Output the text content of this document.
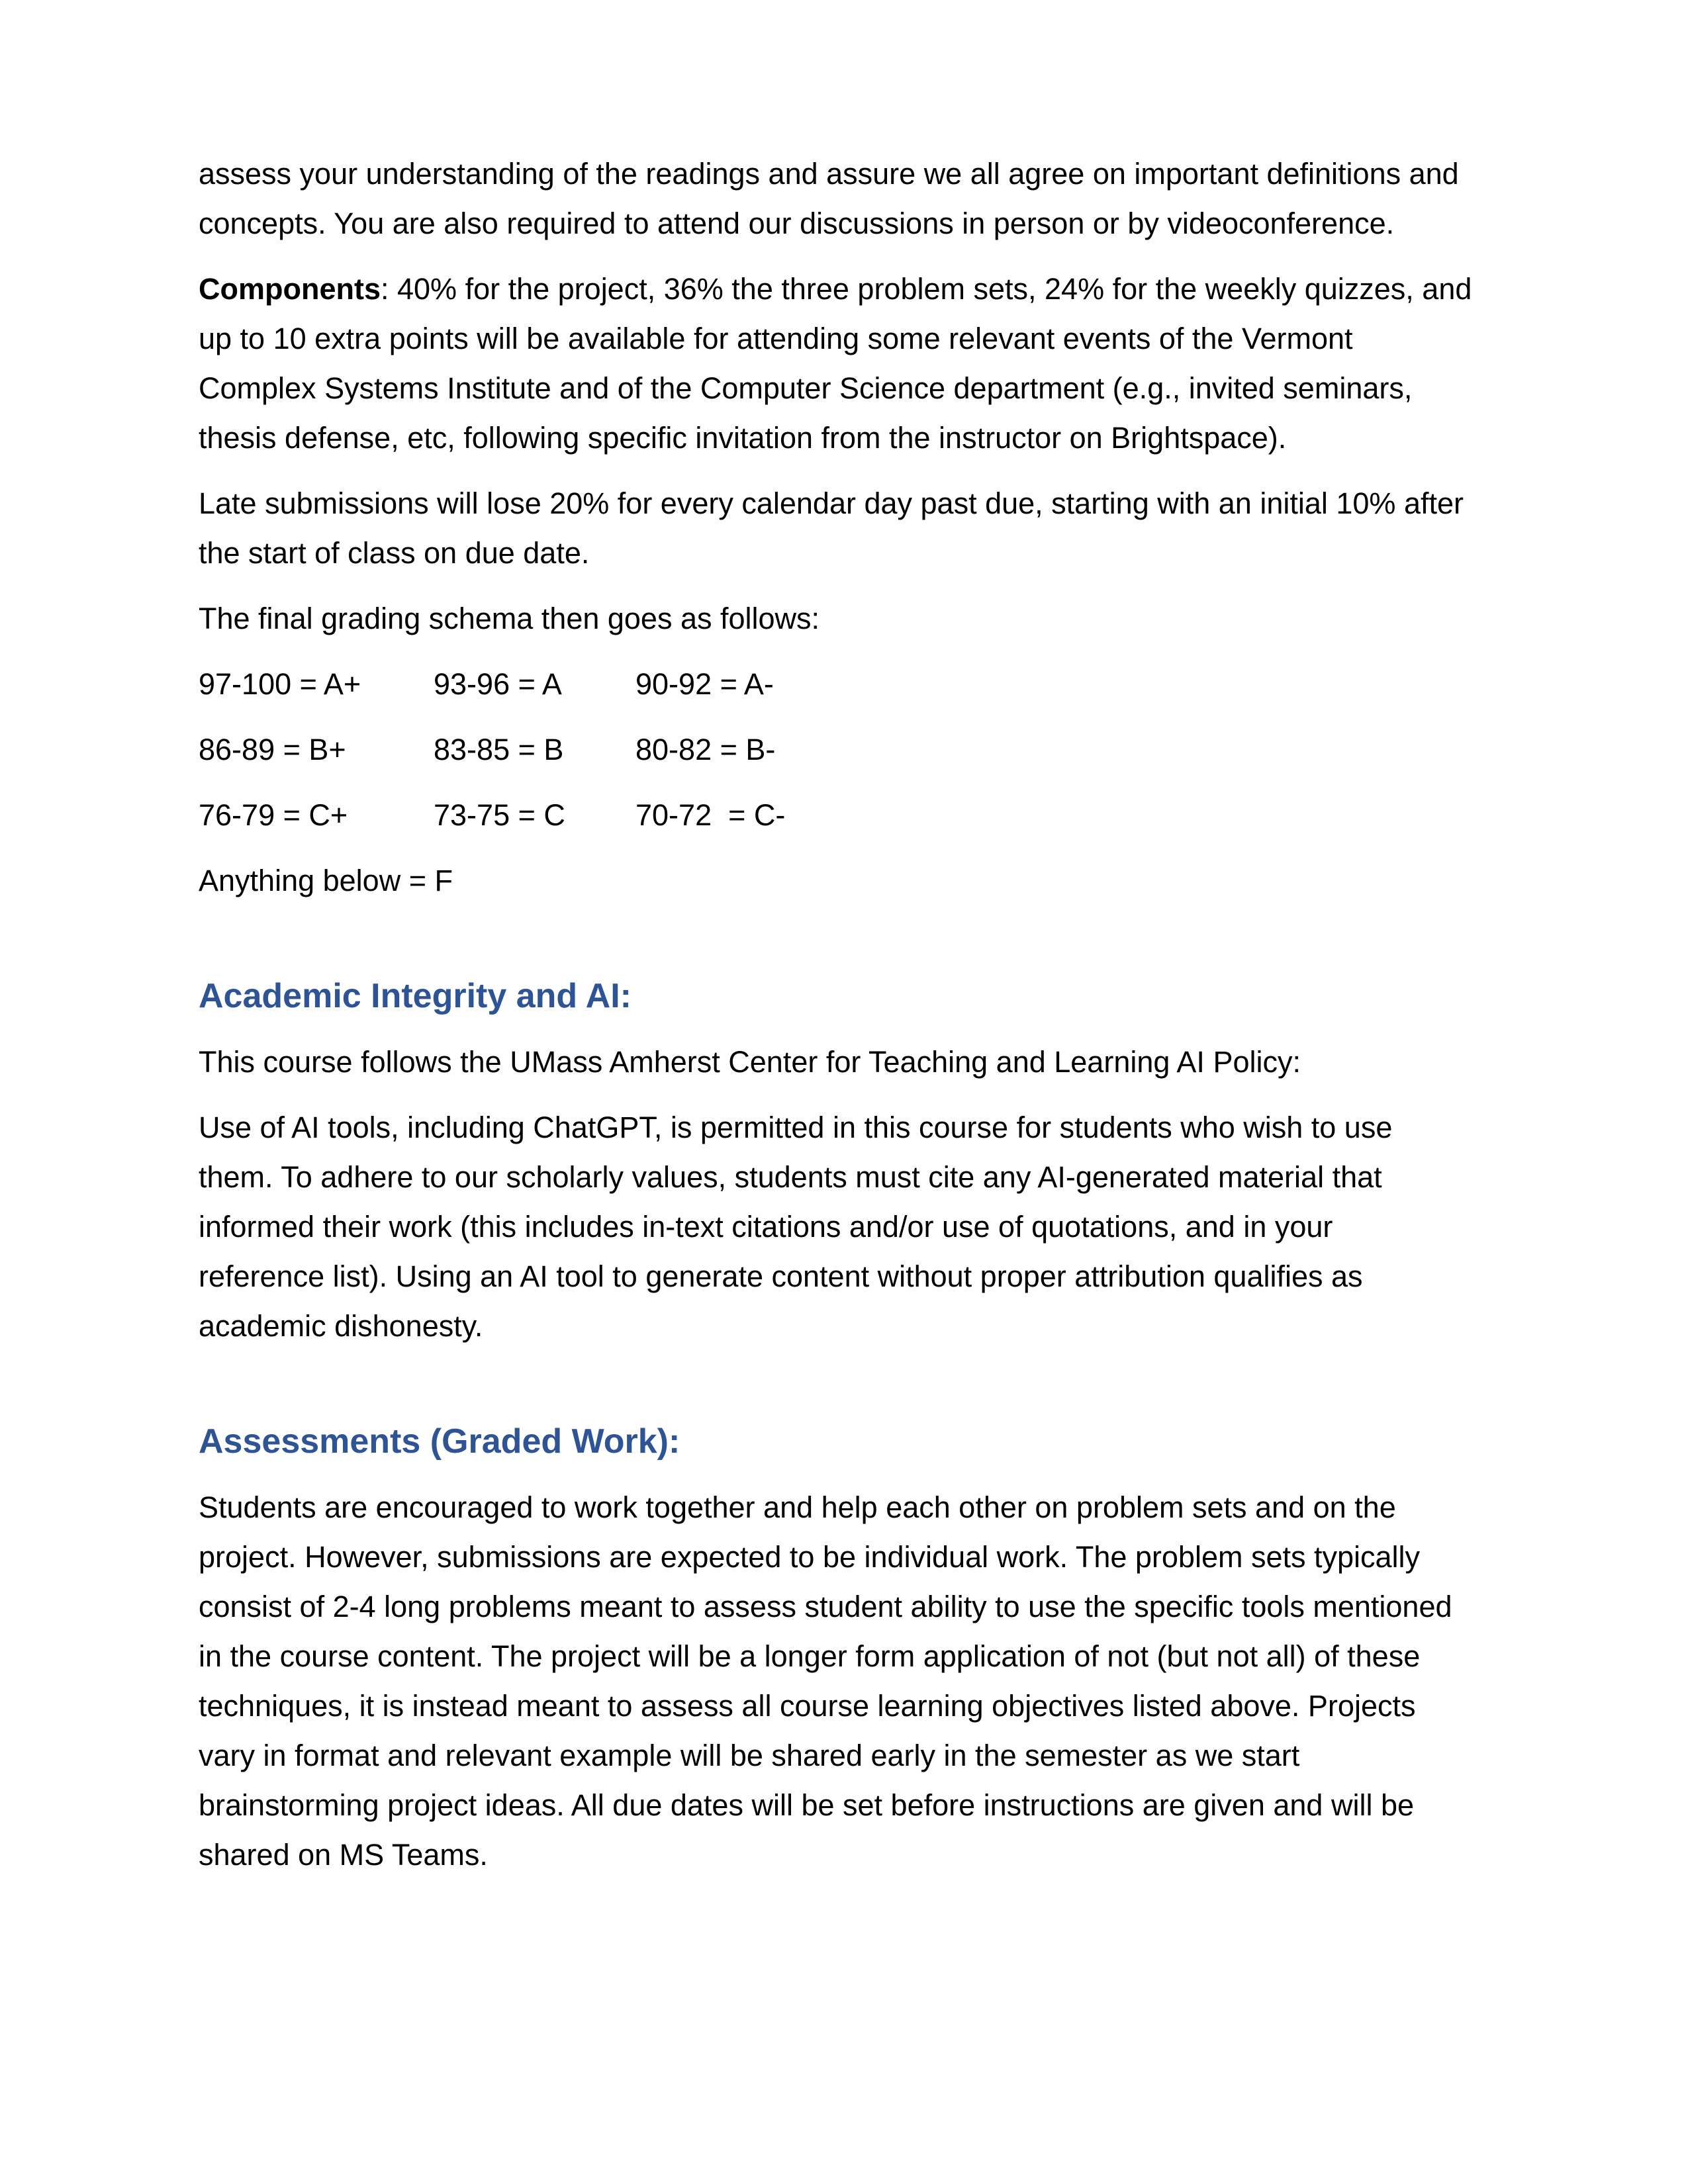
assess your understanding of the readings and assure we all agree on important definitions and
concepts. You are also required to attend our discussions in person or by videoconference.

Components: 40% for the project, 36% the three problem sets, 24% for the weekly quizzes, and
up to 10 extra points will be available for attending some relevant events of the Vermont
Complex Systems Institute and of the Computer Science department (e.g., invited seminars,
thesis defense, etc, following specific invitation from the instructor on Brightspace).

Late submissions will lose 20% for every calendar day past due, starting with an initial 10% after
the start of class on due date.

The final grading schema then goes as follows:

97-100 = A+	93-96 = A	90-92 = A-
86-89 = B+	83-85 = B	80-82 = B-
76-79 = C+	73-75 = C	70-72  = C-

Anything below = F

Academic Integrity and AI:

This course follows the UMass Amherst Center for Teaching and Learning AI Policy:

Use of AI tools, including ChatGPT, is permitted in this course for students who wish to use
them. To adhere to our scholarly values, students must cite any AI-generated material that
informed their work (this includes in-text citations and/or use of quotations, and in your
reference list). Using an AI tool to generate content without proper attribution qualifies as
academic dishonesty.

Assessments (Graded Work):

Students are encouraged to work together and help each other on problem sets and on the
project. However, submissions are expected to be individual work. The problem sets typically
consist of 2-4 long problems meant to assess student ability to use the specific tools mentioned
in the course content. The project will be a longer form application of not (but not all) of these
techniques, it is instead meant to assess all course learning objectives listed above. Projects
vary in format and relevant example will be shared early in the semester as we start
brainstorming project ideas. All due dates will be set before instructions are given and will be
shared on MS Teams.
